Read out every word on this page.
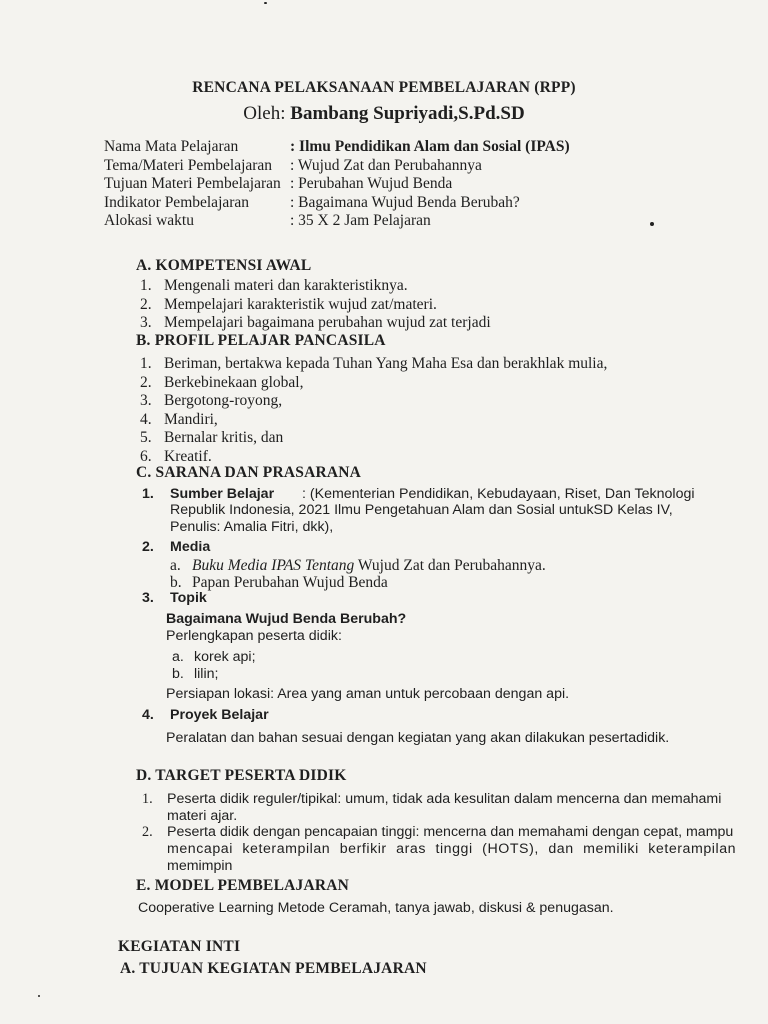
RENCANA PELAKSANAAN PEMBELAJARAN (RPP)
Oleh: Bambang Supriyadi,S.Pd.SD
Nama Mata Pelajaran	: Ilmu Pendidikan Alam dan Sosial (IPAS)
Tema/Materi Pembelajaran	: Wujud Zat dan Perubahannya
Tujuan Materi Pembelajaran : Perubahan Wujud Benda
Indikator Pembelajaran	: Bagaimana Wujud Benda Berubah?
Alokasi waktu	: 35 X 2 Jam Pelajaran
A. KOMPETENSI AWAL
1. Mengenali materi dan karakteristiknya.
2. Mempelajari karakteristik wujud zat/materi.
3. Mempelajari bagaimana perubahan wujud zat terjadi
B. PROFIL PELAJAR PANCASILA
1. Beriman, bertakwa kepada Tuhan Yang Maha Esa dan berakhlak mulia,
2. Berkebinekaan global,
3. Bergotong-royong,
4. Mandiri,
5. Bernalar kritis, dan
6. Kreatif.
C. SARANA DAN PRASARANA
1.	Sumber Belajar	: (Kementerian Pendidikan, Kebudayaan, Riset, Dan Teknologi
Republik Indonesia, 2021 Ilmu Pengetahuan Alam dan Sosial untukSD Kelas IV,
Penulis: Amalia Fitri, dkk),
2.	Media
a. Buku Media IPAS Tentang Wujud Zat dan Perubahannya.
b. Papan Perubahan Wujud Benda
3.	Topik
Bagaimana Wujud Benda Berubah?
Perlengkapan peserta didik:
a. korek api;
b. lilin;
Persiapan lokasi: Area yang aman untuk percobaan dengan api.
4.	Proyek Belajar
Peralatan dan bahan sesuai dengan kegiatan yang akan dilakukan pesertadidik.
D. TARGET PESERTA DIDIK
1.	Peserta didik reguler/tipikal: umum, tidak ada kesulitan dalam mencerna dan memahami
materi ajar.
2.	Peserta didik dengan pencapaian tinggi: mencerna dan memahami dengan cepat, mampu
mencapai keterampilan berfikir aras tinggi (HOTS), dan memiliki keterampilan
memimpin
E. MODEL PEMBELAJARAN
Cooperative Learning Metode Ceramah, tanya jawab, diskusi & penugasan.
KEGIATAN INTI
A. TUJUAN KEGIATAN PEMBELAJARAN
